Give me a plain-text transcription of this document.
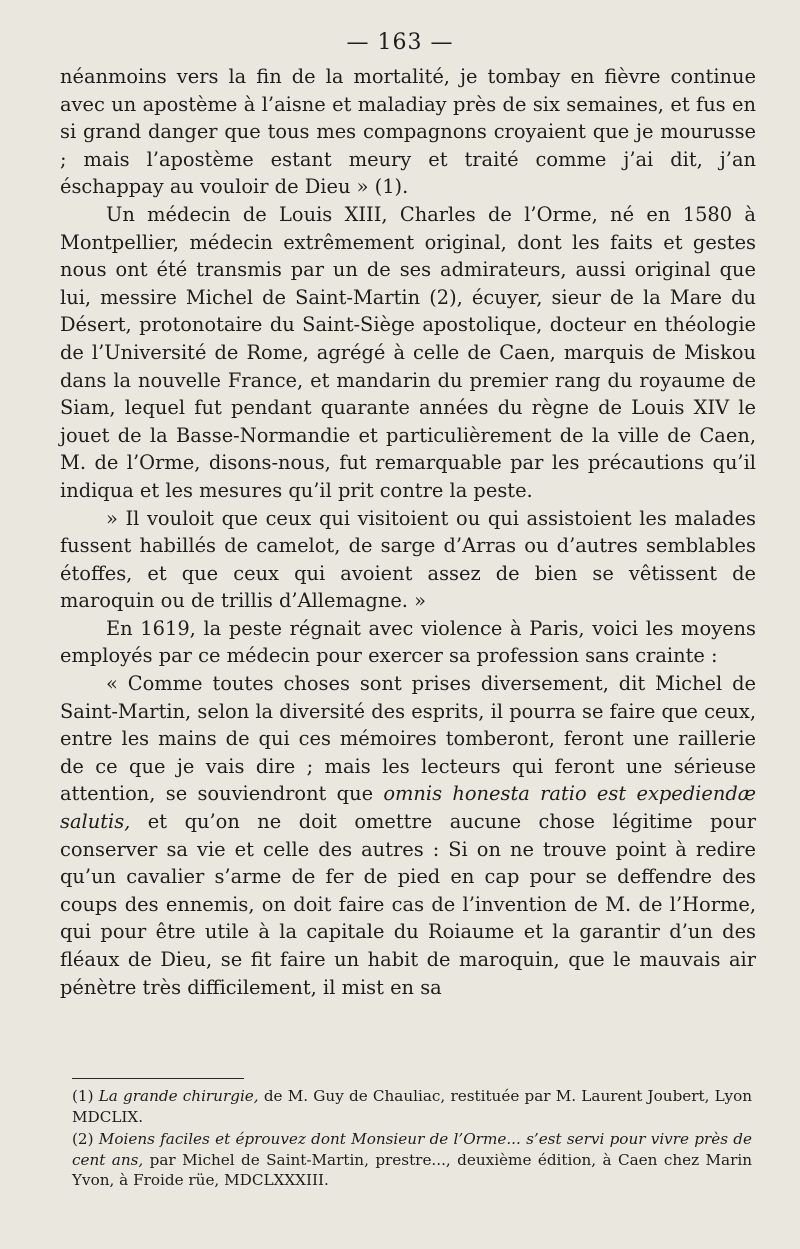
— 163 —

néanmoins vers la fin de la mortalité, je tombay en fièvre continue avec un apostème à l’aisne et maladiay près de six semaines, et fus en si grand danger que tous mes compagnons croyaient que je mourusse ; mais l’apostème estant meury et traité comme j’ai dit, j’an éschappay au vouloir de Dieu » (1).

Un médecin de Louis XIII, Charles de l’Orme, né en 1580 à Montpellier, médecin extrêmement original, dont les faits et gestes nous ont été transmis par un de ses admirateurs, aussi original que lui, messire Michel de Saint-Martin (2), écuyer, sieur de la Mare du Désert, protonotaire du Saint-Siège apostolique, docteur en théologie de l’Université de Rome, agrégé à celle de Caen, marquis de Miskou dans la nouvelle France, et mandarin du premier rang du royaume de Siam, lequel fut pendant quarante années du règne de Louis XIV le jouet de la Basse-Normandie et particulièrement de la ville de Caen, M. de l’Orme, disons-nous, fut remarquable par les précautions qu’il indiqua et les mesures qu’il prit contre la peste.

» Il vouloit que ceux qui visitoient ou qui assistoient les malades fussent habillés de camelot, de sarge d’Arras ou d’autres semblables étoffes, et que ceux qui avoient assez de bien se vêtissent de maroquin ou de trillis d’Allemagne. »

En 1619, la peste régnait avec violence à Paris, voici les moyens employés par ce médecin pour exercer sa profession sans crainte :

« Comme toutes choses sont prises diversement, dit Michel de Saint-Martin, selon la diversité des esprits, il pourra se faire que ceux, entre les mains de qui ces mémoires tomberont, feront une raillerie de ce que je vais dire ; mais les lecteurs qui feront une sérieuse attention, se souviendront que omnis honesta ratio est expediendæ salutis, et qu’on ne doit omettre aucune chose légitime pour conserver sa vie et celle des autres : Si on ne trouve point à redire qu’un cavalier s’arme de fer de pied en cap pour se deffendre des coups des ennemis, on doit faire cas de l’invention de M. de l’Horme, qui pour être utile à la capitale du Roiaume et la garantir d’un des fléaux de Dieu, se fit faire un habit de maroquin, que le mauvais air pénètre très difficilement, il mist en sa

(1) La grande chirurgie, de M. Guy de Chauliac, restituée par M. Laurent Joubert, Lyon MDCLIX.

(2) Moiens faciles et éprouvez dont Monsieur de l’Orme... s’est servi pour vivre près de cent ans, par Michel de Saint-Martin, prestre..., deuxième édition, à Caen chez Marin Yvon, à Froide rüe, MDCLXXXIII.
